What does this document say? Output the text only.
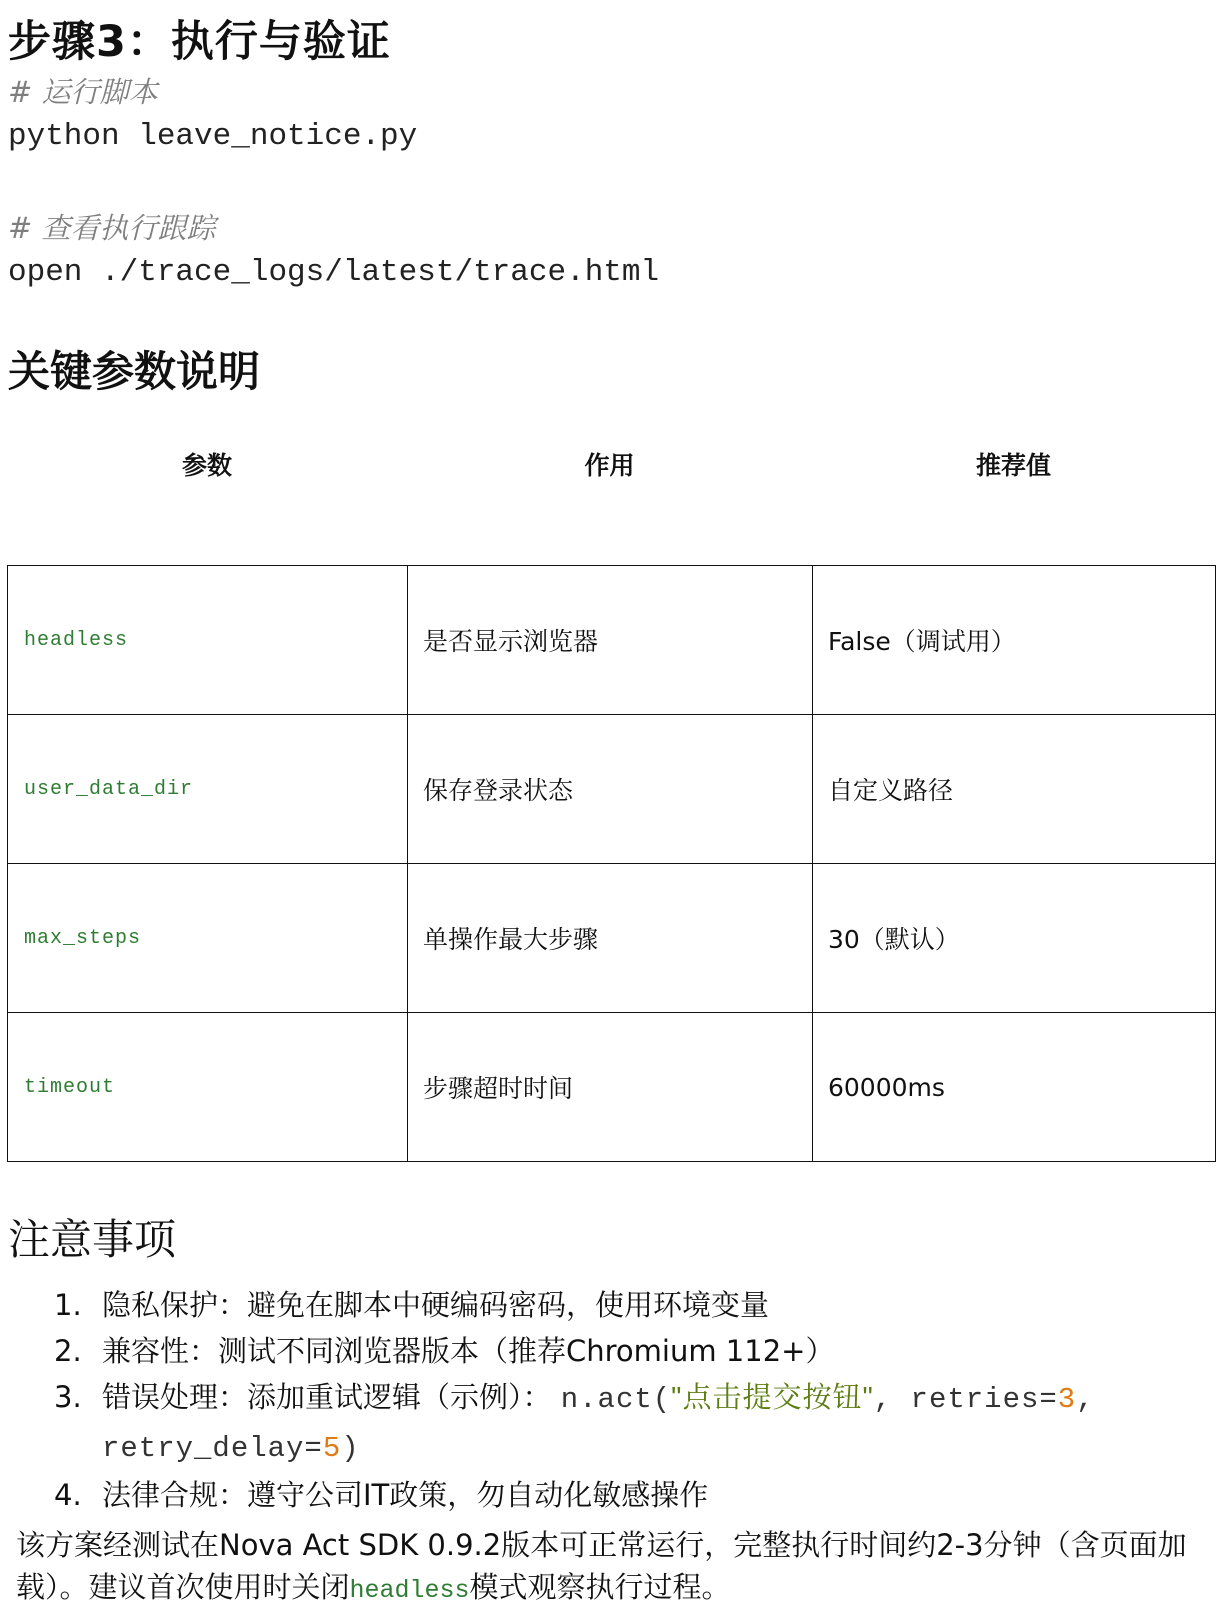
步骤3：执行与验证
# 运行脚本
python leave_notice.py
# 查看执行跟踪
open ./trace_logs/latest/trace.html
关键参数说明
参数	作用	推荐值
headless	是否显示浏览器	False（调试用）
user_data_dir	保存登录状态	自定义路径
max_steps	单操作最大步骤	30（默认）
timeout	步骤超时时间	60000ms
注意事项
1. 隐私保护：避免在脚本中硬编码密码，使用环境变量
2. 兼容性：测试不同浏览器版本（推荐Chromium 112+）
3. 错误处理：添加重试逻辑（示例）： n.act("点击提交按钮", retries=3, retry_delay=5)
4. 法律合规：遵守公司IT政策，勿自动化敏感操作
该方案经测试在Nova Act SDK 0.9.2版本可正常运行，完整执行时间约2-3分钟（含页面加载）。建议首次使用时关闭headless模式观察执行过程。
